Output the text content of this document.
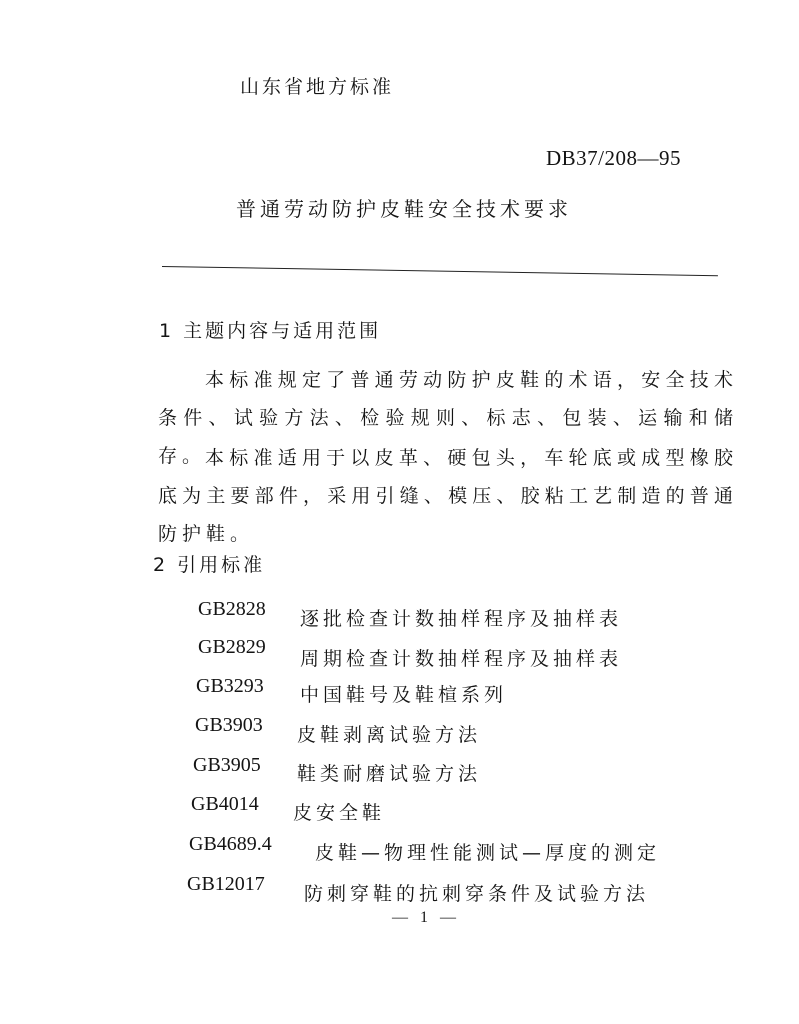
山东省地方标准
DB37/208—95
普通劳动防护皮鞋安全技术要求
1 主题内容与适用范围
本标准规定了普通劳动防护皮鞋的术语，安全技术条件、试验方法、检验规则、标志、包装、运输和储存。
本标准适用于以皮革、硬包头，车轮底或成型橡胶底为主要部件，采用引缝、模压、胶粘工艺制造的普通防护鞋。
2 引用标准
GB2828 逐批检查计数抽样程序及抽样表
GB2829
周期检查计数抽样程序及抽样表
GB3293 中国鞋号及鞋楦系列
GB3903 皮鞋剥离试验方法
GB3905 鞋类耐磨试验方法
GB4014 皮安全鞋
GB4689.4 皮鞋—物理性能测试—厚度的测定
GB12017 防刺穿鞋的抗刺穿条件及试验方法
— 1 —
